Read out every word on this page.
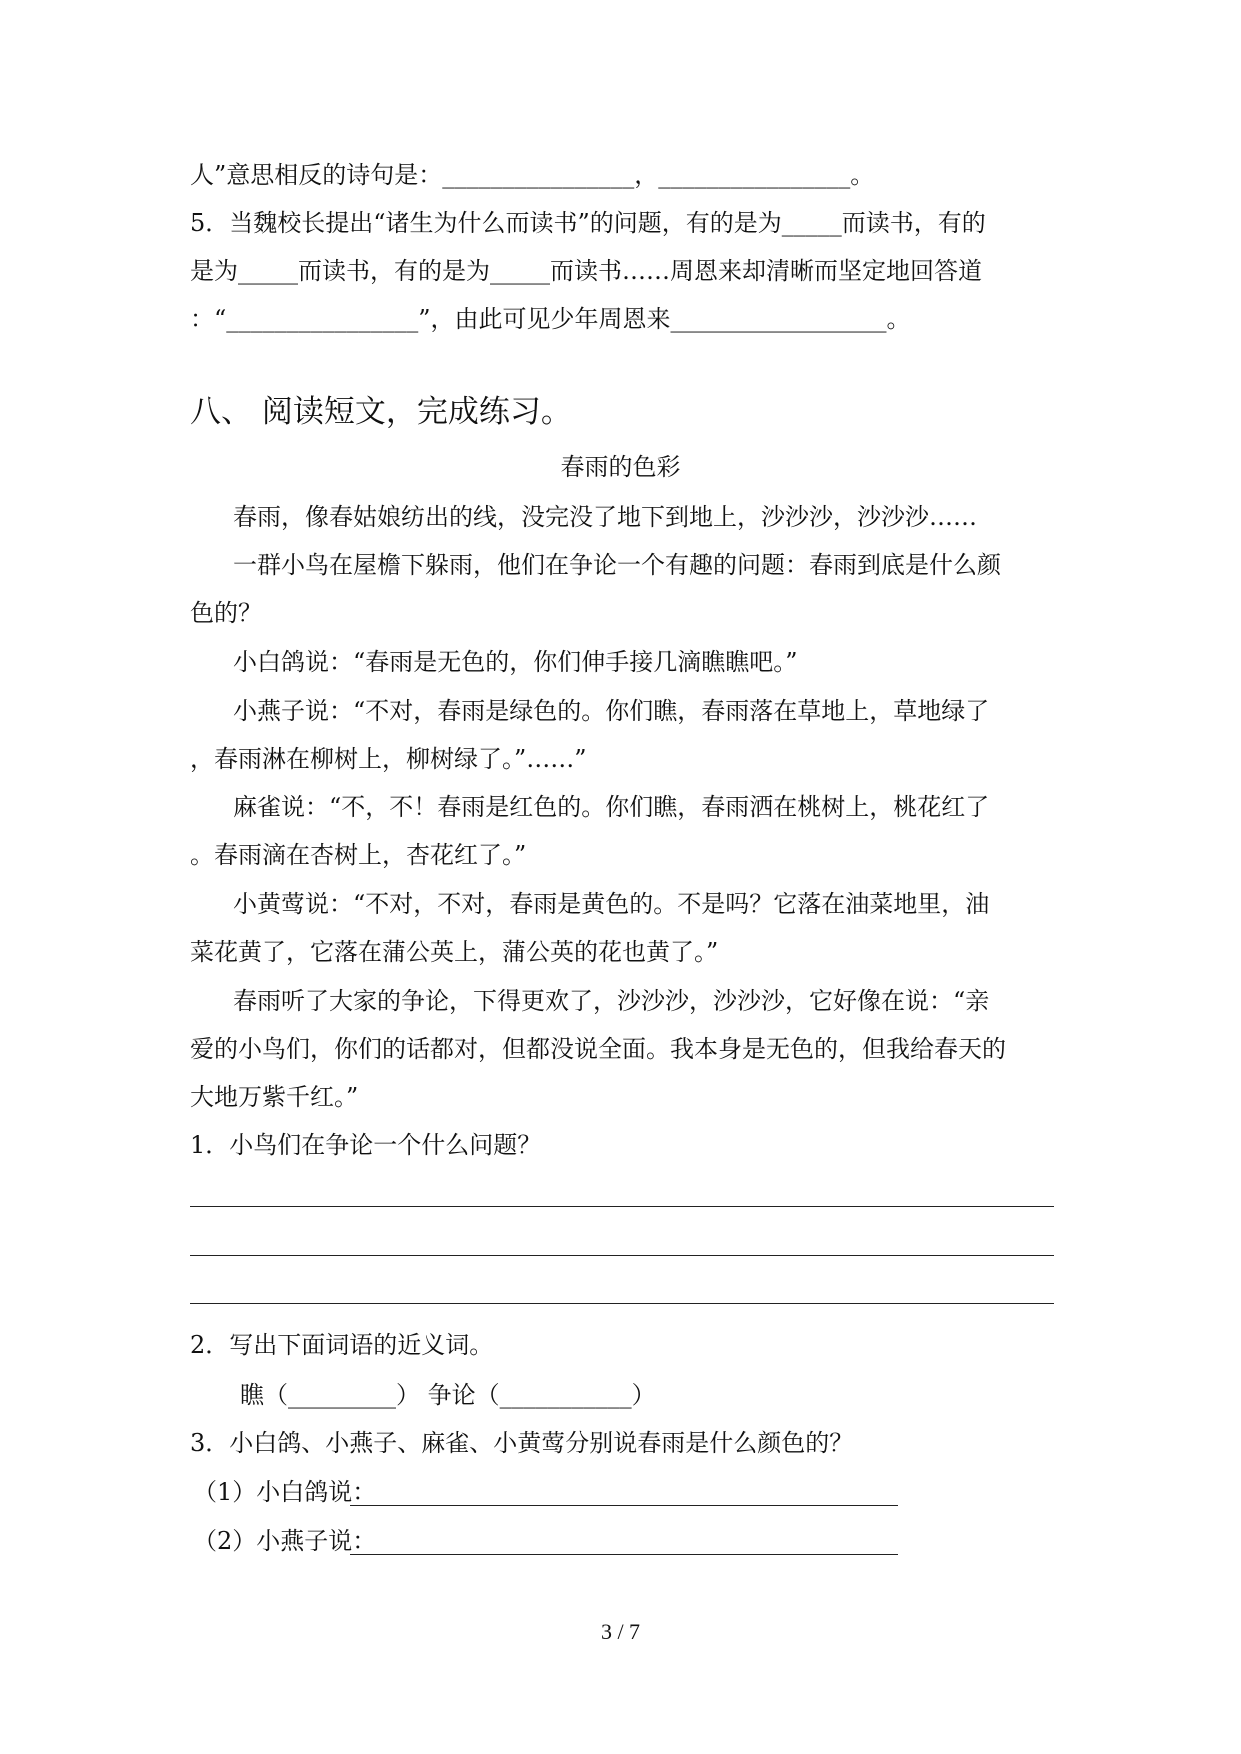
人”意思相反的诗句是：________________，________________。
5．当魏校长提出“诸生为什么而读书”的问题，有的是为_____而读书，有的
是为_____而读书，有的是为_____而读书……周恩来却清晰而坚定地回答道
：“________________”，由此可见少年周恩来__________________。
八、 阅读短文，完成练习。
春雨的色彩
春雨，像春姑娘纺出的线，没完没了地下到地上，沙沙沙，沙沙沙……
一群小鸟在屋檐下躲雨，他们在争论一个有趣的问题：春雨到底是什么颜
色的？
小白鸽说：“春雨是无色的，你们伸手接几滴瞧瞧吧。”
小燕子说：“不对，春雨是绿色的。你们瞧，春雨落在草地上，草地绿了
，春雨淋在柳树上，柳树绿了。”……”
麻雀说：“不，不！春雨是红色的。你们瞧，春雨洒在桃树上，桃花红了
。春雨滴在杏树上，杏花红了。”
小黄莺说：“不对，不对，春雨是黄色的。不是吗？它落在油菜地里，油
菜花黄了，它落在蒲公英上，蒲公英的花也黄了。”
春雨听了大家的争论，下得更欢了，沙沙沙，沙沙沙，它好像在说：“亲
爱的小鸟们，你们的话都对，但都没说全面。我本身是无色的，但我给春天的
大地万紫千红。”
1．小鸟们在争论一个什么问题？
2．写出下面词语的近义词。
瞧（_________） 争论（___________）
3．小白鸽、小燕子、麻雀、小黄莺分别说春雨是什么颜色的？
（1）小白鸽说：
（2）小燕子说：
3 / 7
